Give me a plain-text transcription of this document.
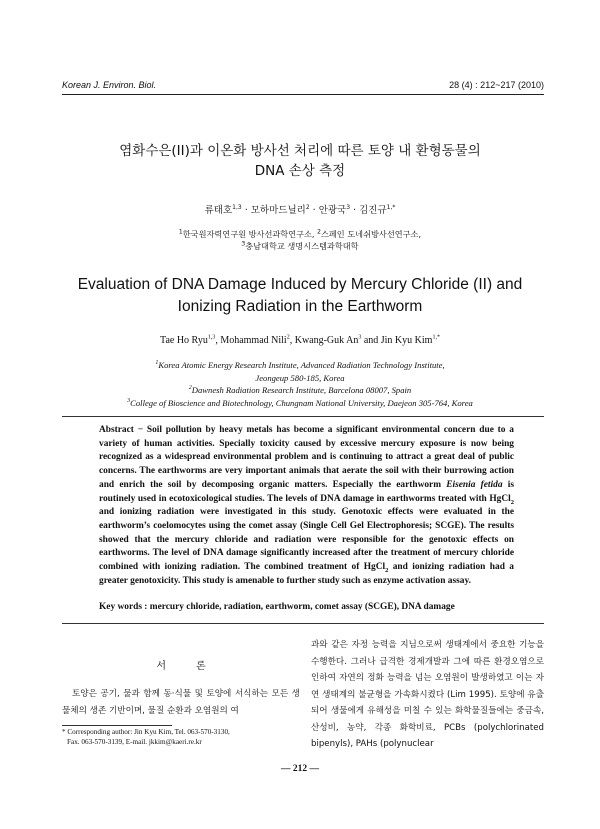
Korean J. Environ. Biol.	28 (4) : 212~217 (2010)
염화수은(II)과 이온화 방사선 처리에 따른 토양 내 환형동물의
DNA 손상 측정
류태호$^{1,3}$ · 모하마드닐리$^2$ · 안광국$^3$ · 김진규$^{1,*}$
$^1$한국원자력연구원 방사선과학연구소, $^2$스페인 도네쉬방사선연구소,
$^3$충남대학교 생명시스템과학대학
Evaluation of DNA Damage Induced by Mercury Chloride (II) and
Ionizing Radiation in the Earthworm
Tae Ho Ryu$^{1,3}$, Mohammad Nili$^2$, Kwang-Guk An$^3$ and Jin Kyu Kim$^{1,*}$
$^1$Korea Atomic Energy Research Institute, Advanced Radiation Technology Institute,
Jeongeup 580-185, Korea
$^2$Dawnesh Radiation Research Institute, Barcelona 08007, Spain
$^3$College of Bioscience and Biotechnology, Chungnam National University, Daejeon 305-764, Korea
Abstract − Soil pollution by heavy metals has become a significant environmental concern due to a variety of human activities. Specially toxicity caused by excessive mercury exposure is now being recognized as a widespread environmental problem and is continuing to attract a great deal of public concerns. The earthworms are very important animals that aerate the soil with their burrowing action and enrich the soil by decomposing organic matters. Especially the earthworm Eisenia fetida is routinely used in ecotoxicological studies. The levels of DNA damage in earthworms treated with HgCl$_2$ and ionizing radiation were investigated in this study. Genotoxic effects were evaluated in the earthworm’s coelomocytes using the comet assay (Single Cell Gel Electrophoresis; SCGE). The results showed that the mercury chloride and radiation were responsible for the genotoxic effects on earthworms. The level of DNA damage significantly increased after the treatment of mercury chloride combined with ionizing radiation. The combined treatment of HgCl$_2$ and ionizing radiation had a greater genotoxicity. This study is amenable to further study such as enzyme activation assay.
Key words : mercury chloride, radiation, earthworm, comet assay (SCGE), DNA damage
서론
토양은 공기, 물과 함께 동·식물 및 토양에 서식하는 모든 생물체의 생존 기반이며, 물질 순환과 오염원의 여
* Corresponding author: Jin Kyu Kim, Tel. 063-570-3130,
Fax. 063-570-3139, E-mail. jkkim@kaeri.re.kr
과와 같은 자정 능력을 지님으로써 생태계에서 중요한 기능을 수행한다. 그러나 급격한 경제개발과 그에 따른 환경오염으로 인하여 자연의 정화 능력을 넘는 오염원이 발생하였고 이는 자연 생태계의 불균형을 가속화시켰다 (Lim 1995). 토양에 유출되어 생물에게 유해성을 미칠 수 있는 화학물질들에는 중금속, 산성비, 농약, 각종 화학비료, PCBs (polychlorinated bipenyls), PAHs (polynuclear
— 212 —
